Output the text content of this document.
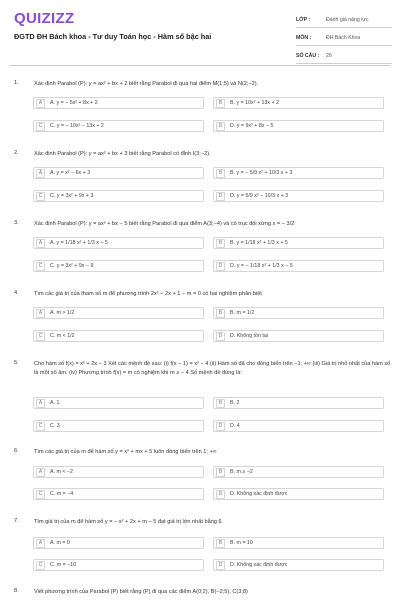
QUIZIZZ
ĐGTD ĐH Bách khoa - Tư duy Toán học - Hàm số bậc hai
LỚP :	Đánh giá năng lực
MÔN :	ĐH Bách Khoa
SỐ CÂU :	26
1.	Xác định Parabol (P): y = ax² + bx + 2 biết rằng Parabol đi qua hai điểm M(1;5) và N(2;−2).
A	A. y = − 5x² + 8x + 2	B	B. y = 10x² + 13x + 2
C	C. y = − 10x² − 13x + 2	D	D. y = 9x² + 8x − 5
2.	Xác định Parabol (P): y = ax² + bx + 3 biết rằng Parabol có đỉnh I(3;−2).
A	A. y = x² − 6x + 3	B	B. y = − 5/9 x² + 10/3 x + 3
C	C. y = 3x² + 9x + 3	D	D. y = 5/9 x² − 10/3 x + 3
3.	Xác định Parabol (P): y = ax² + bx − 5 biết rằng Parabol đi qua điểm A(3;−4) và có trục đối xứng x = − 3/2
A	A. y = 1/18 x² + 1/3 x − 5	B	B. y = 1/18 x² + 1/3 x + 5
C	C. y = 3x² + 9x − 9	D	D. y = − 1/18 x² + 1/3 x − 5
4.	Tìm các giá trị của tham số m để phương trình 2x² − 2x + 1 − m = 0 có hai nghiệm phân biệt
A	A. m > 1/2	B	B. m = 1/2
C	C. m < 1/2	D	D. Không tồn tại
5.	Cho hàm số f(x) = x² + 2x − 3 Xét các mệnh đề sau: (i) f(x − 1) = x² − 4 (ii) Hàm số đã cho đồng biến trên −1; +∞ (iii) Giá trị nhỏ nhất của hàm số là một số âm. (iv) Phương trình f(x) = m có nghiệm khi m ≥ − 4 Số mệnh đề đúng là:
A	A. 1	B	B. 2
C	C. 3	D	D. 4
6.	Tìm các giá trị của m để hàm số y = x² + mx + 5 luôn đồng biến trên 1; +∞
A	A. m < −2	B	B. m ≥ −2
C	C. m = −4	D	D. Không xác định được
7.	Tìm giá trị của m để hàm số y = − x² + 2x + m − 5 đạt giá trị lớn nhất bằng 6
A	A. m = 0	B	B. m = 10
C	C. m = −10	D	D. Không xác định được
8.	Viết phương trình của Parabol (P) biết rằng (P) đi qua các điểm A(0;2), B(−2;5), C(3;8)
